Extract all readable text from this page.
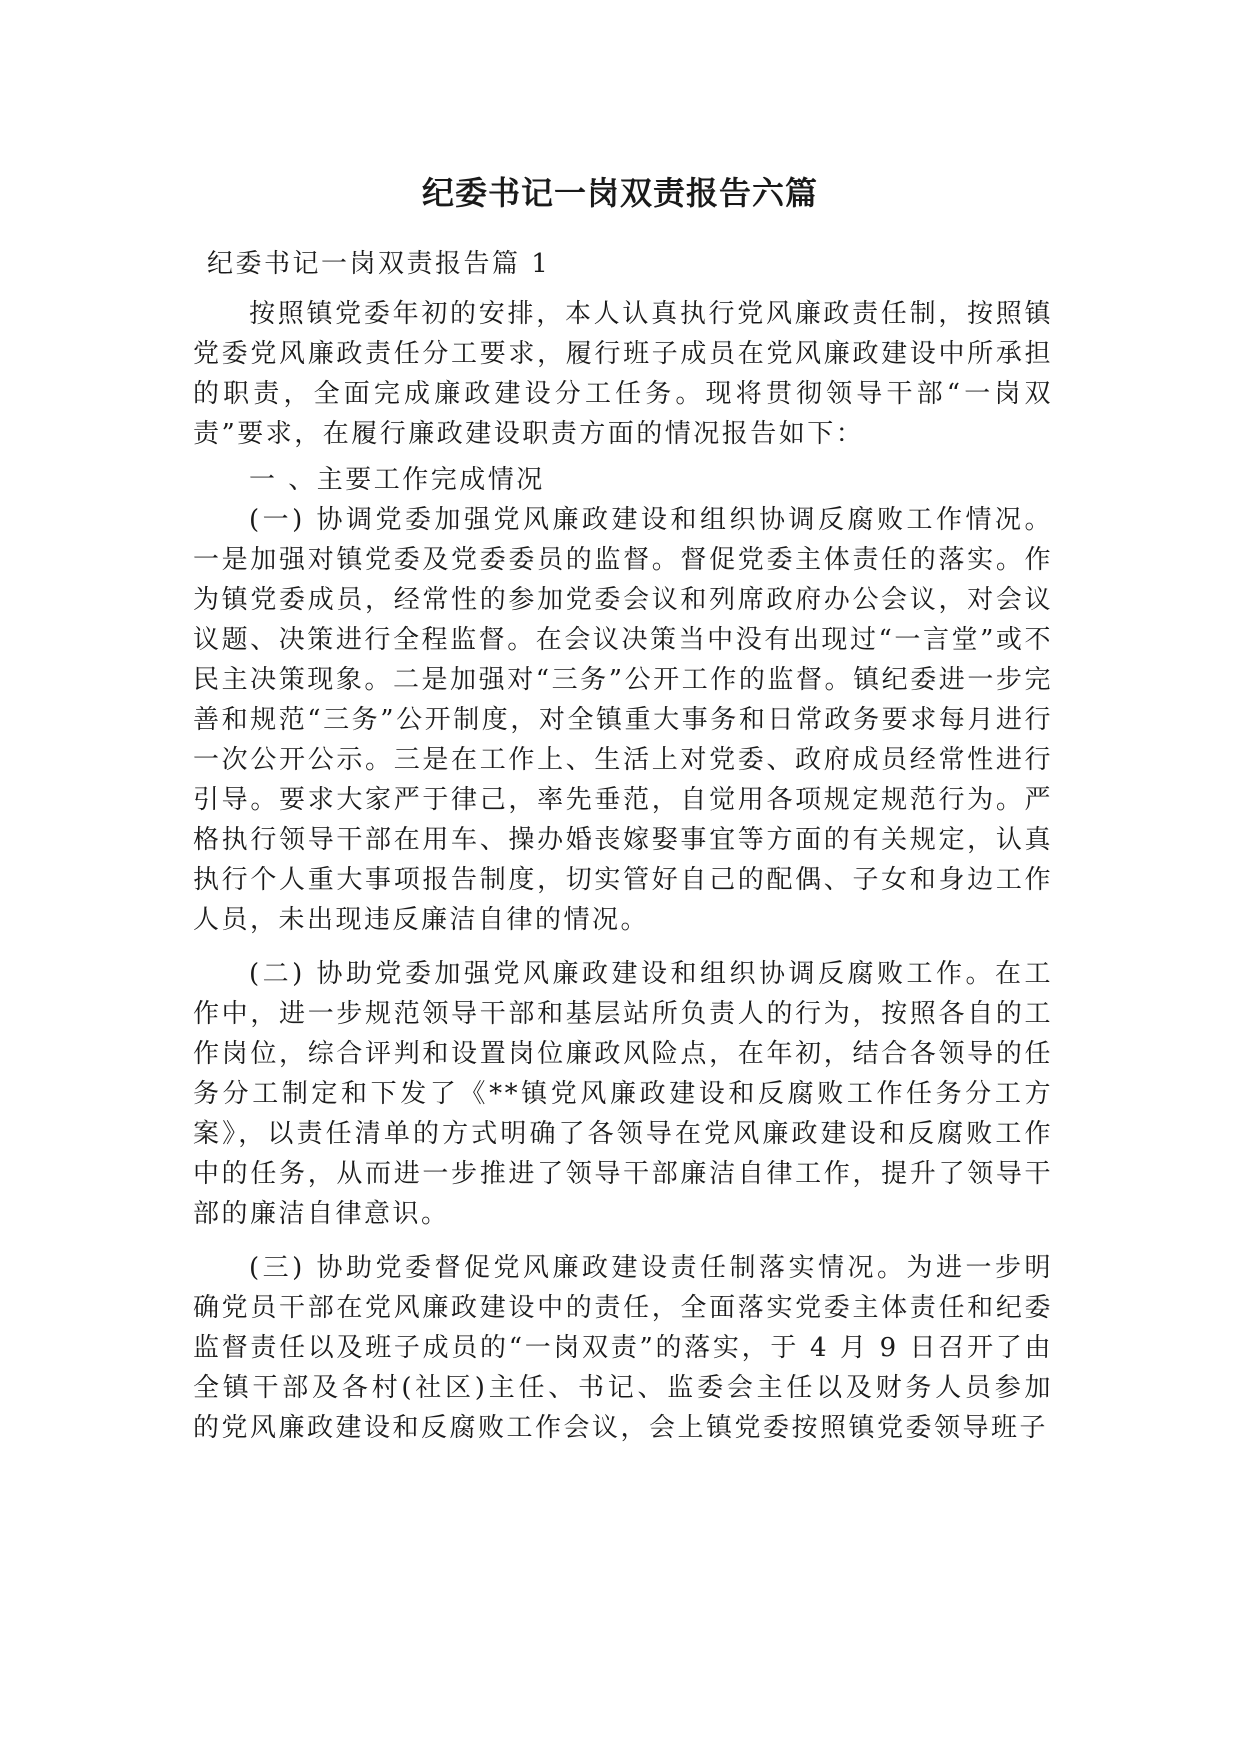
纪委书记一岗双责报告六篇

纪委书记一岗双责报告篇 1

按照镇党委年初的安排，本人认真执行党风廉政责任制，按照镇党委党风廉政责任分工要求，履行班子成员在党风廉政建设中所承担的职责，全面完成廉政建设分工任务。现将贯彻领导干部“一岗双责”要求，在履行廉政建设职责方面的情况报告如下：

一 、主要工作完成情况

(一) 协调党委加强党风廉政建设和组织协调反腐败工作情况。一是加强对镇党委及党委委员的监督。督促党委主体责任的落实。作为镇党委成员，经常性的参加党委会议和列席政府办公会议，对会议议题、决策进行全程监督。在会议决策当中没有出现过“一言堂”或不民主决策现象。二是加强对“三务”公开工作的监督。镇纪委进一步完善和规范“三务”公开制度，对全镇重大事务和日常政务要求每月进行一次公开公示。三是在工作上、生活上对党委、政府成员经常性进行引导。要求大家严于律己，率先垂范，自觉用各项规定规范行为。严格执行领导干部在用车、操办婚丧嫁娶事宜等方面的有关规定，认真执行个人重大事项报告制度，切实管好自己的配偶、子女和身边工作人员，未出现违反廉洁自律的情况。

(二) 协助党委加强党风廉政建设和组织协调反腐败工作。在工作中，进一步规范领导干部和基层站所负责人的行为，按照各自的工作岗位，综合评判和设置岗位廉政风险点，在年初，结合各领导的任务分工制定和下发了《**镇党风廉政建设和反腐败工作任务分工方案》，以责任清单的方式明确了各领导在党风廉政建设和反腐败工作中的任务，从而进一步推进了领导干部廉洁自律工作，提升了领导干部的廉洁自律意识。

(三) 协助党委督促党风廉政建设责任制落实情况。为进一步明确党员干部在党风廉政建设中的责任，全面落实党委主体责任和纪委监督责任以及班子成员的“一岗双责”的落实，于 4 月 9 日召开了由 全镇干部及各村(社区)主任、书记、监委会主任以及财务人员参加 的党风廉政建设和反腐败工作会议，会上镇党委按照镇党委领导班子
